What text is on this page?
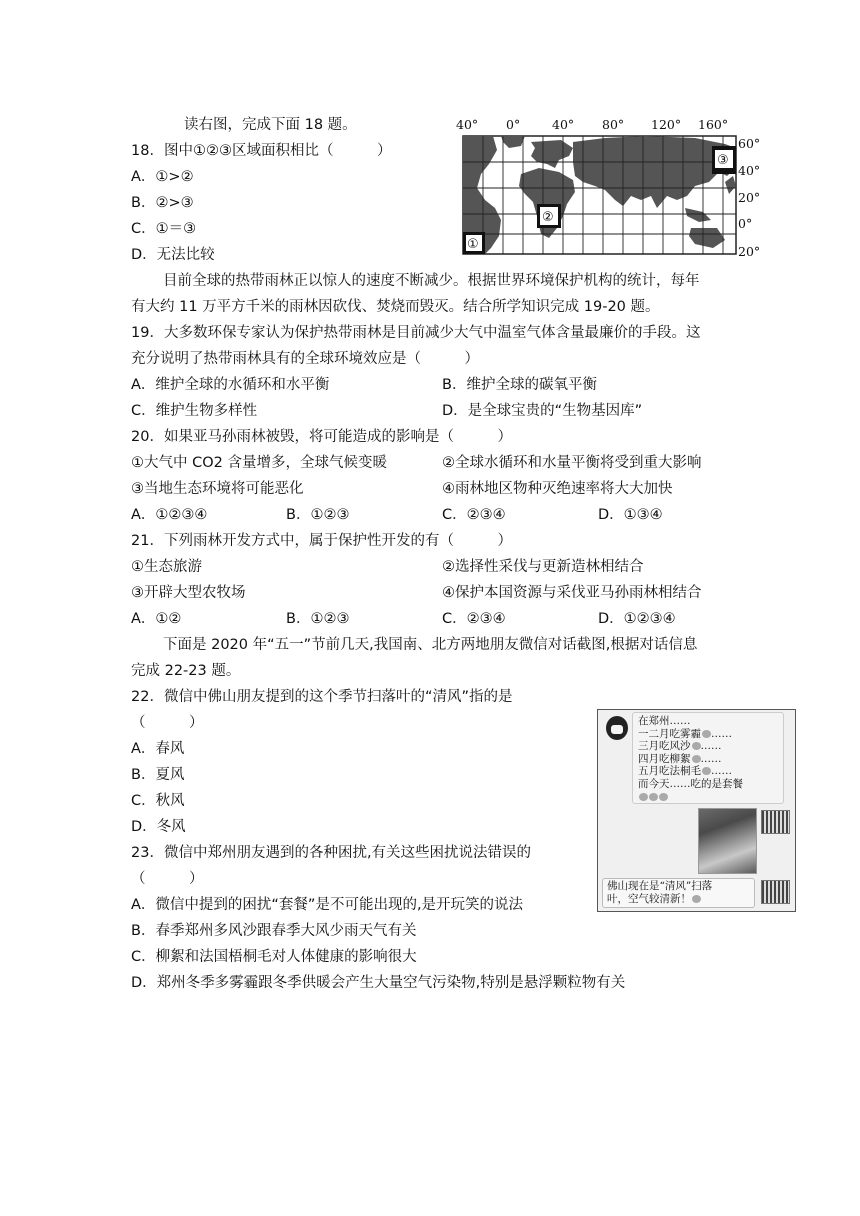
读右图，完成下面 18 题。
18．图中①②③区域面积相比（　　　）
A．①>②
B．②>③
C．①＝③
D．无法比较
40° 0°	40° 80° 120° 160°
60°
40°
20°
0°
20°
①
②
③
目前全球的热带雨林正以惊人的速度不断减少。根据世界环境保护机构的统计，每年
有大约 11 万平方千米的雨林因砍伐、焚烧而毁灭。结合所学知识完成 19-20 题。
19．大多数环保专家认为保护热带雨林是目前减少大气中温室气体含量最廉价的手段。这
充分说明了热带雨林具有的全球环境效应是（　　　）
A．维护全球的水循环和水平衡	B．维护全球的碳氧平衡
C．维护生物多样性	D．是全球宝贵的“生物基因库”
20．如果亚马孙雨林被毁，将可能造成的影响是（　　　）
①大气中 CO2 含量增多，全球气候变暖	②全球水循环和水量平衡将受到重大影响
③当地生态环境将可能恶化	④雨林地区物种灭绝速率将大大加快
A．①②③④	B．①②③	C．②③④	D．①③④
21．下列雨林开发方式中，属于保护性开发的有（　　　）
①生态旅游	②选择性采伐与更新造林相结合
③开辟大型农牧场	④保护本国资源与采伐亚马孙雨林相结合
A．①②	B．①②③	C．②③④	D．①②③④
下面是 2020 年“五一”节前几天,我国南、北方两地朋友微信对话截图,根据对话信息
完成 22-23 题。
22．微信中佛山朋友提到的这个季节扫落叶的“清风”指的是
（　　　）
A．春风
B．夏风
C．秋风
D．冬风
23．微信中郑州朋友遇到的各种困扰,有关这些困扰说法错误的
（　　　）
A．微信中提到的困扰“套餐”是不可能出现的,是开玩笑的说法
B．春季郑州多风沙跟春季大风少雨天气有关
C．柳絮和法国梧桐毛对人体健康的影响很大
D．郑州冬季多雾霾跟冬季供暖会产生大量空气污染物,特别是悬浮颗粒物有关
在郑州……
一二月吃雾霾 ……
三月吃风沙 ……
四月吃柳絮 ……
五月吃法桐毛 ……
而今天……吃的是套餐
佛山现在是“清风”扫落
叶，空气较清新！
